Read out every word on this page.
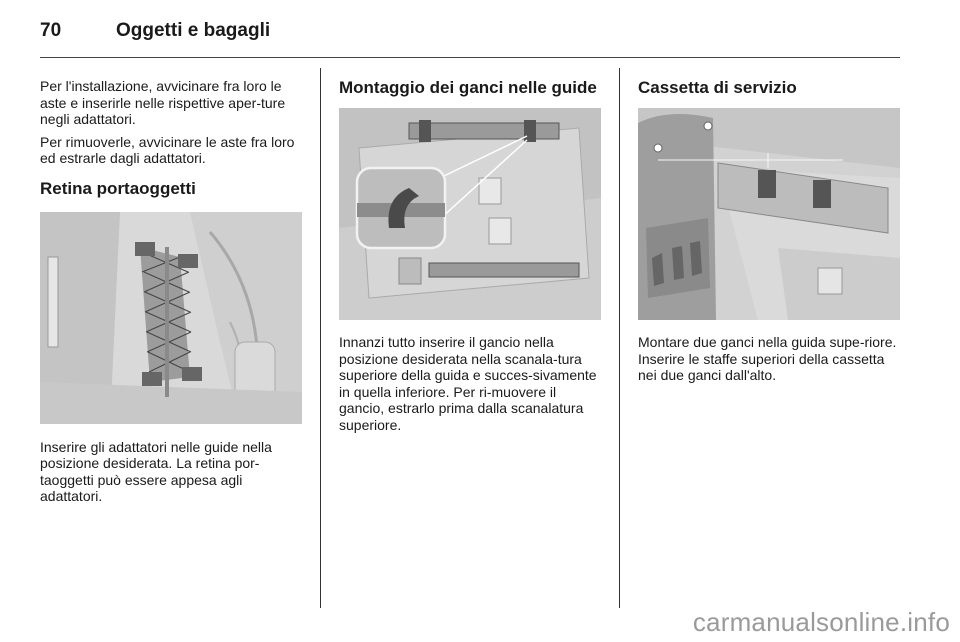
70	Oggetti e bagagli

Per l'installazione, avvicinare fra loro le aste e inserirle nelle rispettive aper-ture negli adattatori.

Per rimuoverle, avvicinare le aste fra loro ed estrarle dagli adattatori.

Retina portaoggetti

Inserire gli adattatori nelle guide nella posizione desiderata. La retina por-taoggetti può essere appesa agli adattatori.

Montaggio dei ganci nelle guide

Innanzi tutto inserire il gancio nella posizione desiderata nella scanala-tura superiore della guida e succes-sivamente in quella inferiore. Per ri-muovere il gancio, estrarlo prima dalla scanalatura superiore.

Cassetta di servizio

Montare due ganci nella guida supe-riore. Inserire le staffe superiori della cassetta nei due ganci dall'alto.

carmanualsonline.info
